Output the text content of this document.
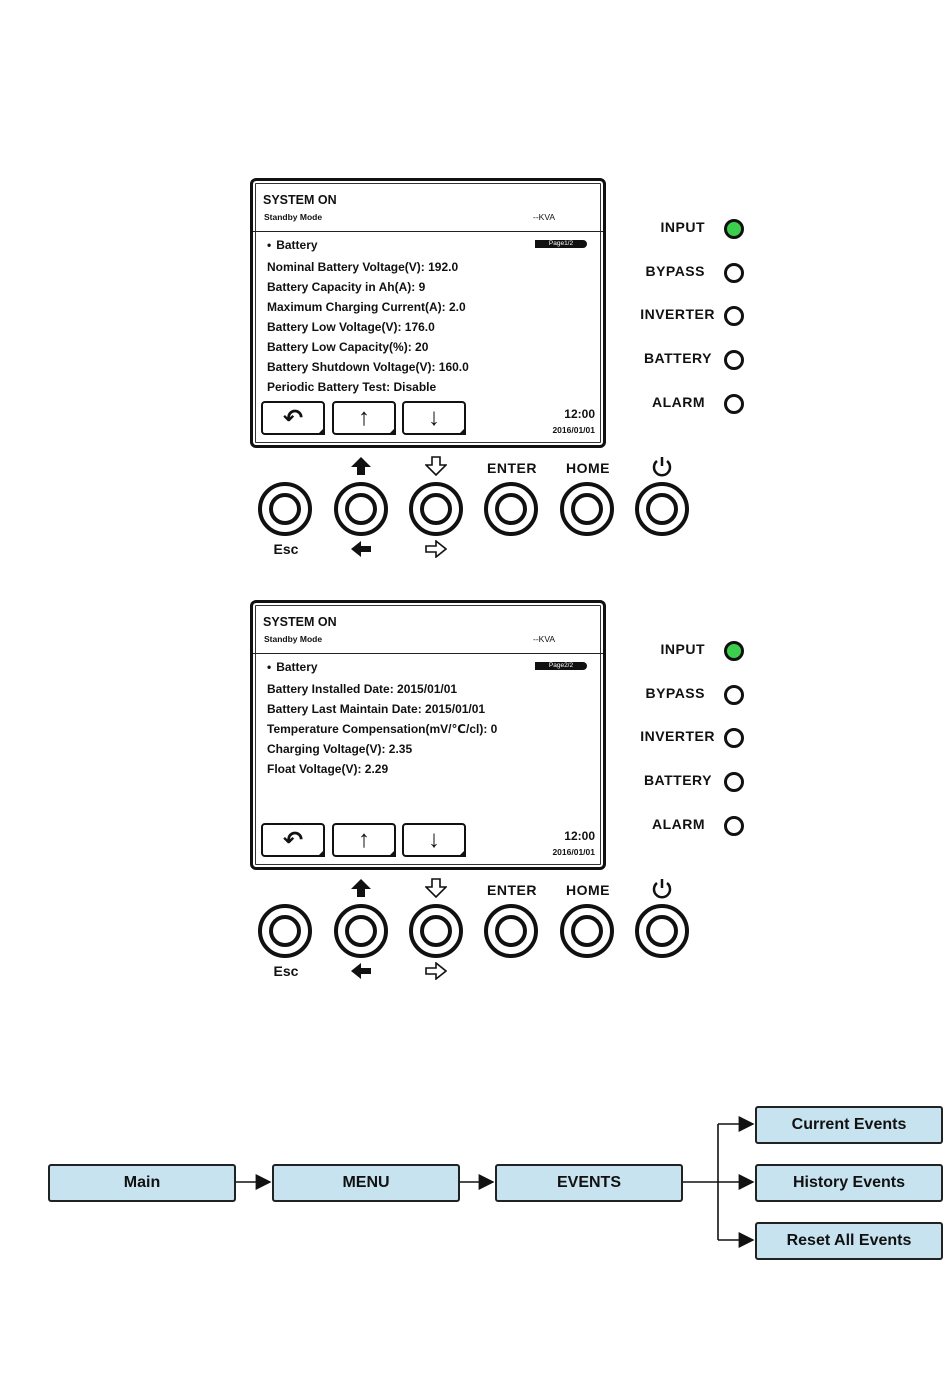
SYSTEM ON
Standby Mode	--KVA
• Battery	Page1/2
Nominal Battery Voltage(V): 192.0
Battery Capacity in Ah(A): 9
Maximum Charging Current(A): 2.0
Battery Low Voltage(V): 176.0
Battery Low Capacity(%): 20
Battery Shutdown Voltage(V): 160.0
Periodic Battery Test: Disable
↶ ↑ ↓	12:00
2016/01/01
INPUT
BYPASS
INVERTER
BATTERY
ALARM
ENTER	HOME
Esc
SYSTEM ON
Standby Mode	--KVA
• Battery	Page2/2
Battery Installed Date: 2015/01/01
Battery Last Maintain Date: 2015/01/01
Temperature Compensation(mV/℃/cl): 0
Charging Voltage(V): 2.35
Float Voltage(V): 2.29
↶ ↑ ↓	12:00
2016/01/01
INPUT
BYPASS
INVERTER
BATTERY
ALARM
ENTER	HOME
Esc
Main	MENU	EVENTS
Current Events
History Events
Reset All Events
